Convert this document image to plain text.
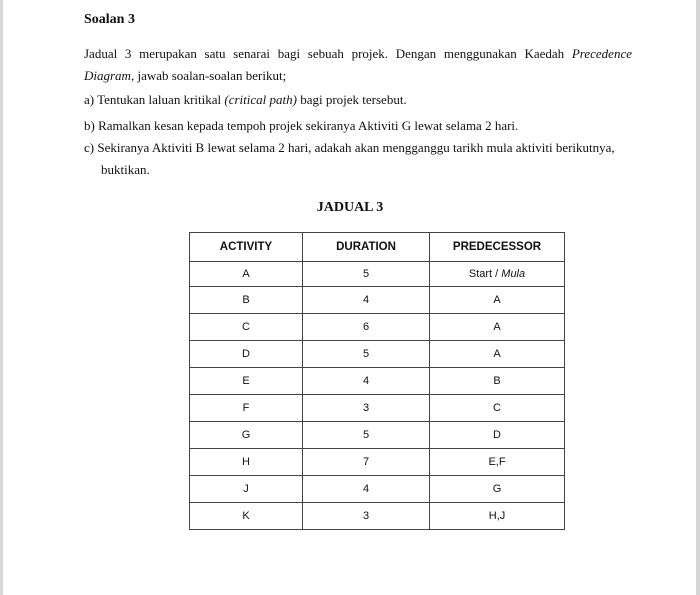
Soalan 3
Jadual 3 merupakan satu senarai bagi sebuah projek. Dengan menggunakan Kaedah Precedence Diagram, jawab soalan-soalan berikut;
a) Tentukan laluan kritikal (critical path) bagi projek tersebut.
b) Ramalkan kesan kepada tempoh projek sekiranya Aktiviti G lewat selama 2 hari.
c) Sekiranya Aktiviti B lewat selama 2 hari, adakah akan mengganggu tarikh mula aktiviti berikutnya,
buktikan.
JADUAL 3
ACTIVITY	DURATION	PREDECESSOR
A	5	Start / Mula
B	4	A
C	6	A
D	5	A
E	4	B
F	3	C
G	5	D
H	7	E,F
J	4	G
K	3	H,J
